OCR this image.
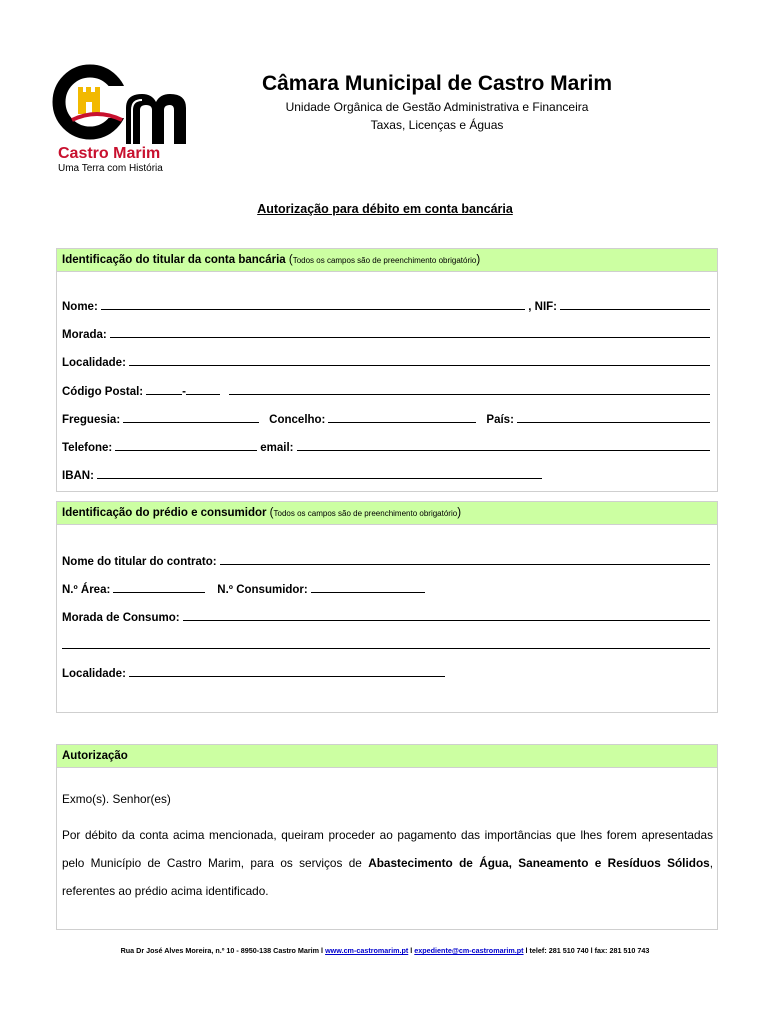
Castro Marim
Uma Terra com História
Câmara Municipal de Castro Marim
Unidade Orgânica de Gestão Administrativa e Financeira
Taxas, Licenças e Águas
Autorização para débito em conta bancária
Identificação do titular da conta bancária (Todos os campos são de preenchimento obrigatório)
Nome:	, NIF:
Morada:
Localidade:
Código Postal:	-
Freguesia:	Concelho:	País:
Telefone:	email:
IBAN:
Identificação do prédio e consumidor (Todos os campos são de preenchimento obrigatório)
Nome do titular do contrato:
N.º Área:	N.º Consumidor:
Morada de Consumo:
Localidade:
Autorização
Exmo(s). Senhor(es)
Por débito da conta acima mencionada, queiram proceder ao pagamento das importâncias que lhes forem apresentadas pelo Município de Castro Marim, para os serviços de Abastecimento de Água, Saneamento e Resíduos Sólidos, referentes ao prédio acima identificado.
Rua Dr José Alves Moreira, n.º 10 - 8950-138 Castro Marim l www.cm-castromarim.pt l expediente@cm-castromarim.pt l telef: 281 510 740 l fax: 281 510 743
